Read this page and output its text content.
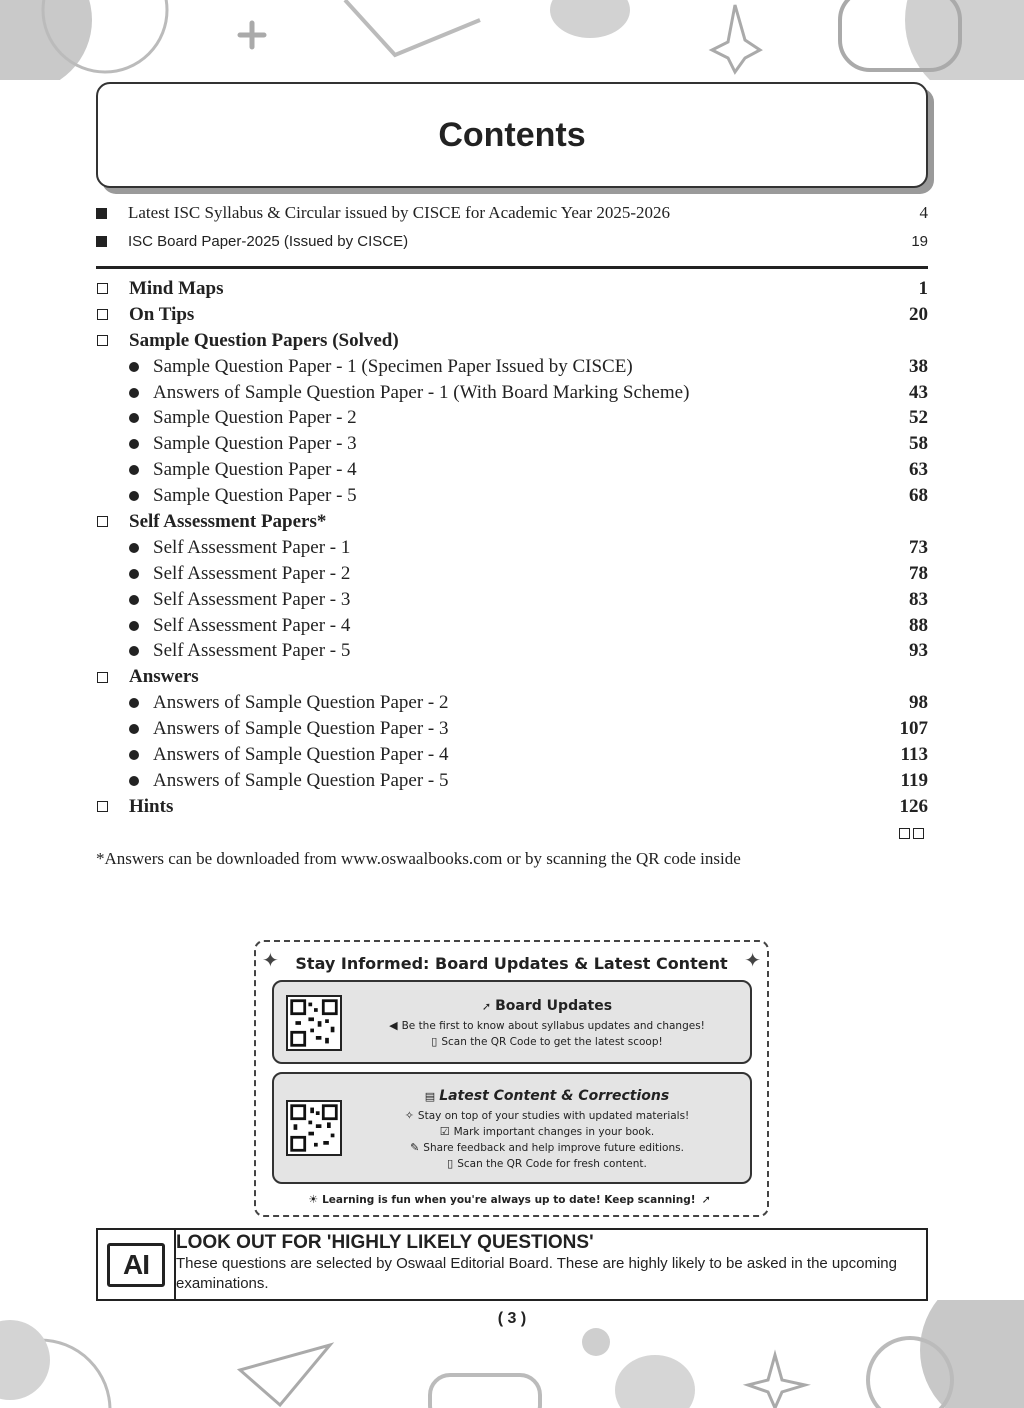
Contents
Latest ISC Syllabus & Circular issued by CISCE for Academic Year 2025-2026	4
ISC Board Paper-2025 (Issued by CISCE)	19
Mind Maps	1
On Tips	20
Sample Question Papers (Solved)
Sample Question Paper - 1 (Specimen Paper Issued by CISCE)	38
Answers of Sample Question Paper - 1 (With Board Marking Scheme)	43
Sample Question Paper - 2	52
Sample Question Paper - 3	58
Sample Question Paper - 4	63
Sample Question Paper - 5	68
Self Assessment Papers*
Self Assessment Paper - 1	73
Self Assessment Paper - 2	78
Self Assessment Paper - 3	83
Self Assessment Paper - 4	88
Self Assessment Paper - 5	93
Answers
Answers of Sample Question Paper - 2	98
Answers of Sample Question Paper - 3	107
Answers of Sample Question Paper - 4	113
Answers of Sample Question Paper - 5	119
Hints	126
*Answers can be downloaded from www.oswaalbooks.com or by scanning the QR code inside
✦	✦
Stay Informed: Board Updates & Latest Content
➚ Board Updates
◀ Be the first to know about syllabus updates and changes!
▯ Scan the QR Code to get the latest scoop!
▤ Latest Content & Corrections
✧ Stay on top of your studies with updated materials!
☑ Mark important changes in your book.
✎ Share feedback and help improve future editions.
▯ Scan the QR Code for fresh content.
☀ Learning is fun when you're always up to date! Keep scanning! ➚
AI
LOOK OUT FOR 'HIGHLY LIKELY QUESTIONS'
These questions are selected by Oswaal Editorial Board. These are highly likely to be asked in the upcoming examinations.
( 3 )
